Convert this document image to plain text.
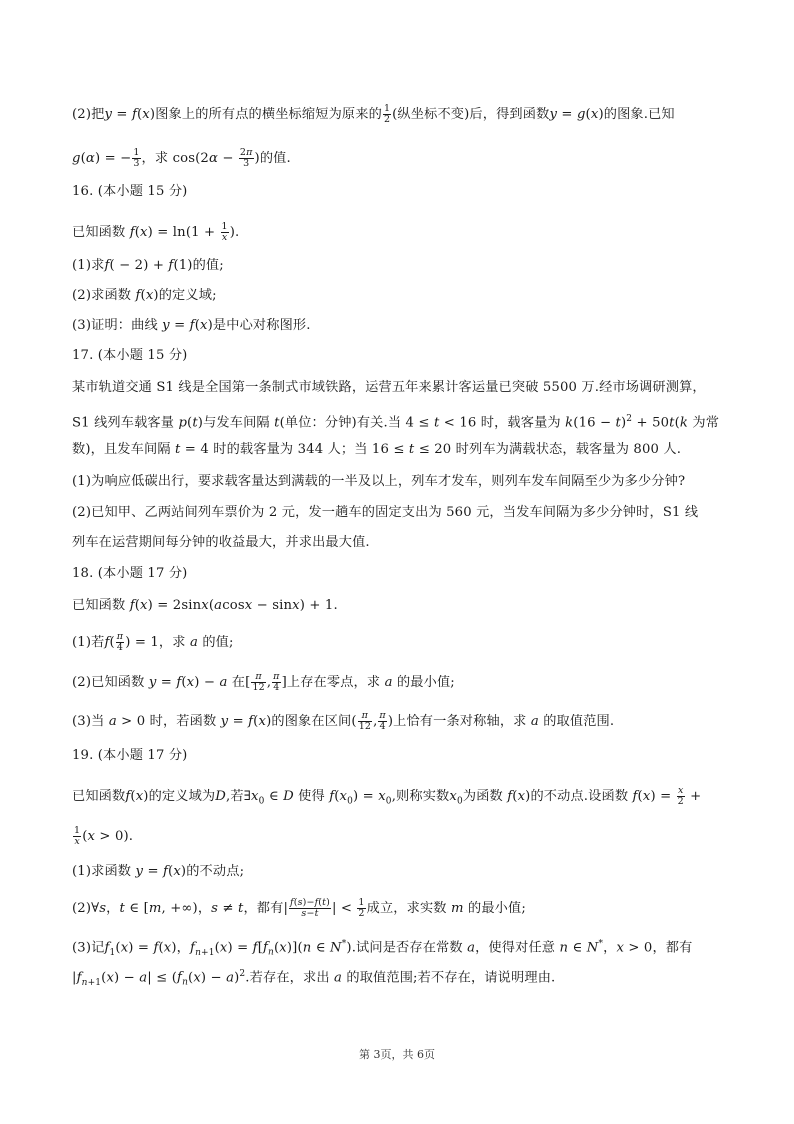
(2)把y = f(x)图象上的所有点的横坐标缩短为原来的 $\frac{1}{2}$ (纵坐标不变)后，得到函数y = g(x)的图象.已知
g(α) = − $\frac{1}{3}$ ，求 $\cos(2\alpha - \frac{2\pi}{3}$ )的值.
16. (本小题 15 分)
已知函数 $f(x) = \ln(1 + \frac{1}{x}$ ).
(1)求f( − 2) + f(1)的值;
(2)求函数 f(x)的定义域;
(3)证明：曲线 y = f(x)是中心对称图形.
17. (本小题 15 分)
某市轨道交通 S1 线是全国第一条制式市域铁路，运营五年来累计客运量已突破 5500 万.经市场调研测算，
S1 线列车载客量 p(t)与发车间隔 t(单位：分钟)有关.当 4 ≤ t < 16 时，载客量为 $k(16 - t)^2 + 50t(k$ 为常
数)，且发车间隔 t = 4 时的载客量为 344 人；当 16 ≤ t ≤ 20 时列车为满载状态，载客量为 800 人.
(1)为响应低碳出行，要求载客量达到满载的一半及以上，列车才发车，则列车发车间隔至少为多少分钟?
(2)已知甲、乙两站间列车票价为 2 元，发一趟车的固定支出为 560 元，当发车间隔为多少分钟时，S1 线
列车在运营期间每分钟的收益最大，并求出最大值.
18. (本小题 17 分)
已知函数 f(x) = 2sinx(acosx − sinx) + 1.
(1)若$f( \frac{\pi}{4}$ ) = 1，求 a 的值;
(2)已知函数 y = f(x) − a 在[ $\frac{\pi}{12}$ , $\frac{\pi}{4}$ ]上存在零点，求 a 的最小值;
(3)当 a > 0 时，若函数 y = f(x)的图象在区间( $\frac{\pi}{12}$ , $\frac{\pi}{4}$ )上恰有一条对称轴，求 a 的取值范围.
19. (本小题 17 分)
已知函数f(x)的定义域为D,若$\exists x_0$ ∈ D 使得 $f(x_0) = x_0$,则称实数$x_0$为函数 f(x)的不动点.设函数 $f(x) = \frac{x}{2}$ +
$\frac{1}{x} (x > 0)$.
(1)求函数 y = f(x)的不动点;
(2)∀s，t ∈ [m, +∞)，s ≠ t，都有| $\frac{f(s)-f(t)}{s-t}$ | < $\frac{1}{2}$ 成立，求实数 m 的最小值;
(3)记$f_1(x) = f(x)$，$f_{n+1}(x) = f[f_n(x)](n$ ∈ N*).试问是否存在常数 a，使得对任意 n ∈ N*，x > 0，都有
$|f_{n+1}(x) - a| \le (f_n(x) - a)^2$.若存在，求出 a 的取值范围;若不存在，请说明理由.
第 3页，共 6页
